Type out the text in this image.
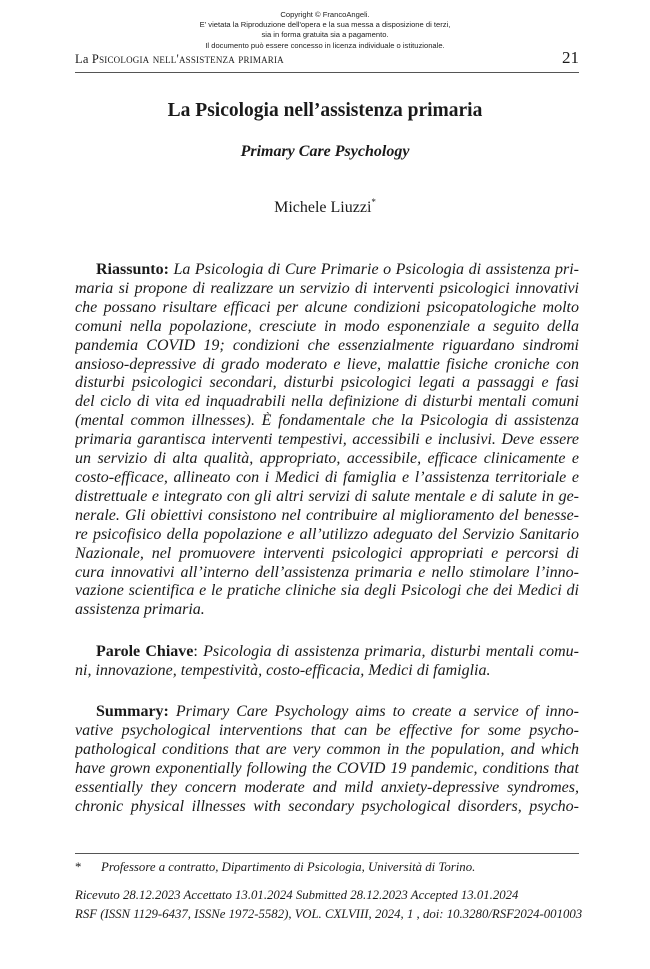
Copyright © FrancoAngeli.
E' vietata la Riproduzione dell'opera e la sua messa a disposizione di terzi,
sia in forma gratuita sia a pagamento.
Il documento può essere concesso in licenza individuale o istituzionale.
La Psicologia nell'assistenza primaria	21
La Psicologia nell’assistenza primaria
Primary Care Psychology
Michele Liuzzi*
Riassunto: La Psicologia di Cure Primarie o Psicologia di assistenza pri-
maria si propone di realizzare un servizio di interventi psicologici innovativi
che possano risultare efficaci per alcune condizioni psicopatologiche molto
comuni nella popolazione, cresciute in modo esponenziale a seguito della
pandemia COVID 19; condizioni che essenzialmente riguardano sindromi
ansioso-depressive di grado moderato e lieve, malattie fisiche croniche con
disturbi psicologici secondari, disturbi psicologici legati a passaggi e fasi
del ciclo di vita ed inquadrabili nella definizione di disturbi mentali comuni
(mental common illnesses). È fondamentale che la Psicologia di assistenza
primaria garantisca interventi tempestivi, accessibili e inclusivi. Deve essere
un servizio di alta qualità, appropriato, accessibile, efficace clinicamente e
costo-efficace, allineato con i Medici di famiglia e l’assistenza territoriale e
distrettuale e integrato con gli altri servizi di salute mentale e di salute in ge-
nerale. Gli obiettivi consistono nel contribuire al miglioramento del benesse-
re psicofisico della popolazione e all’utilizzo adeguato del Servizio Sanitario
Nazionale, nel promuovere interventi psicologici appropriati e percorsi di
cura innovativi all’interno dell’assistenza primaria e nello stimolare l’inno-
vazione scientifica e le pratiche cliniche sia degli Psicologi che dei Medici di
assistenza primaria.
Parole Chiave: Psicologia di assistenza primaria, disturbi mentali comu-
ni, innovazione, tempestività, costo-efficacia, Medici di famiglia.
Summary: Primary Care Psychology aims to create a service of inno-
vative psychological interventions that can be effective for some psycho-
pathological conditions that are very common in the population, and which
have grown exponentially following the COVID 19 pandemic, conditions that
essentially they concern moderate and mild anxiety-depressive syndromes,
chronic physical illnesses with secondary psychological disorders, psycho-
* Professore a contratto, Dipartimento di Psicologia, Università di Torino.
Ricevuto 28.12.2023 Accettato 13.01.2024 Submitted 28.12.2023 Accepted 13.01.2024
RSF (ISSN 1129-6437, ISSNe 1972-5582), VOL. CXLVIII, 2024, 1 , doi: 10.3280/RSF2024-001003
